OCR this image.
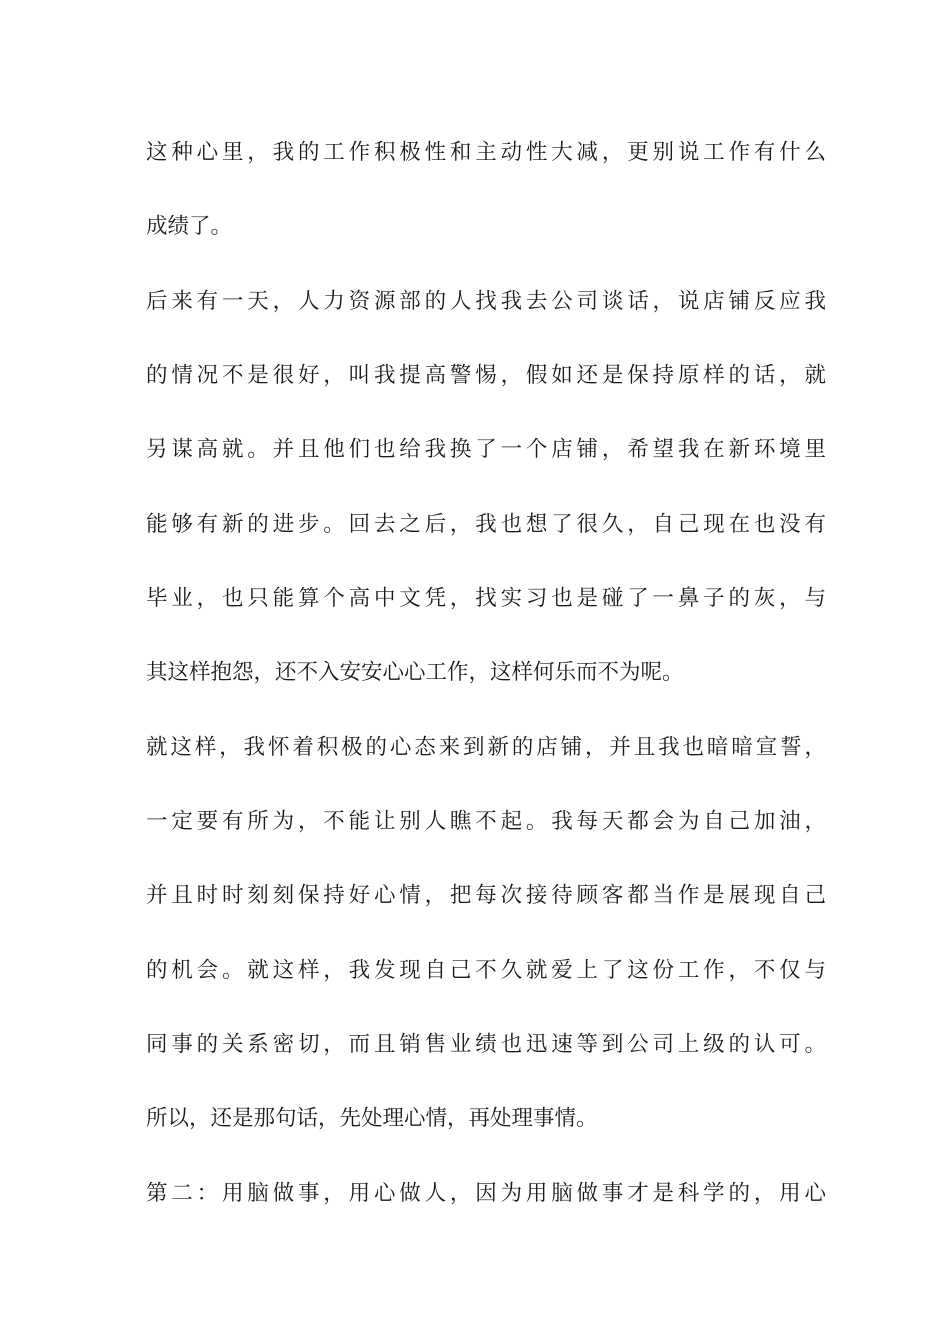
这种心里，我的工作积极性和主动性大减，更别说工作有什么
成绩了。
后来有一天，人力资源部的人找我去公司谈话，说店铺反应我
的情况不是很好，叫我提高警惕，假如还是保持原样的话，就
另谋高就。并且他们也给我换了一个店铺，希望我在新环境里
能够有新的进步。回去之后，我也想了很久，自己现在也没有
毕业，也只能算个高中文凭，找实习也是碰了一鼻子的灰，与
其这样抱怨，还不入安安心心工作，这样何乐而不为呢。
就这样，我怀着积极的心态来到新的店铺，并且我也暗暗宣誓，
一定要有所为，不能让别人瞧不起。我每天都会为自己加油，
并且时时刻刻保持好心情，把每次接待顾客都当作是展现自己
的机会。就这样，我发现自己不久就爱上了这份工作，不仅与
同事的关系密切，而且销售业绩也迅速等到公司上级的认可。
所以，还是那句话，先处理心情，再处理事情。
第二：用脑做事，用心做人，因为用脑做事才是科学的，用心
